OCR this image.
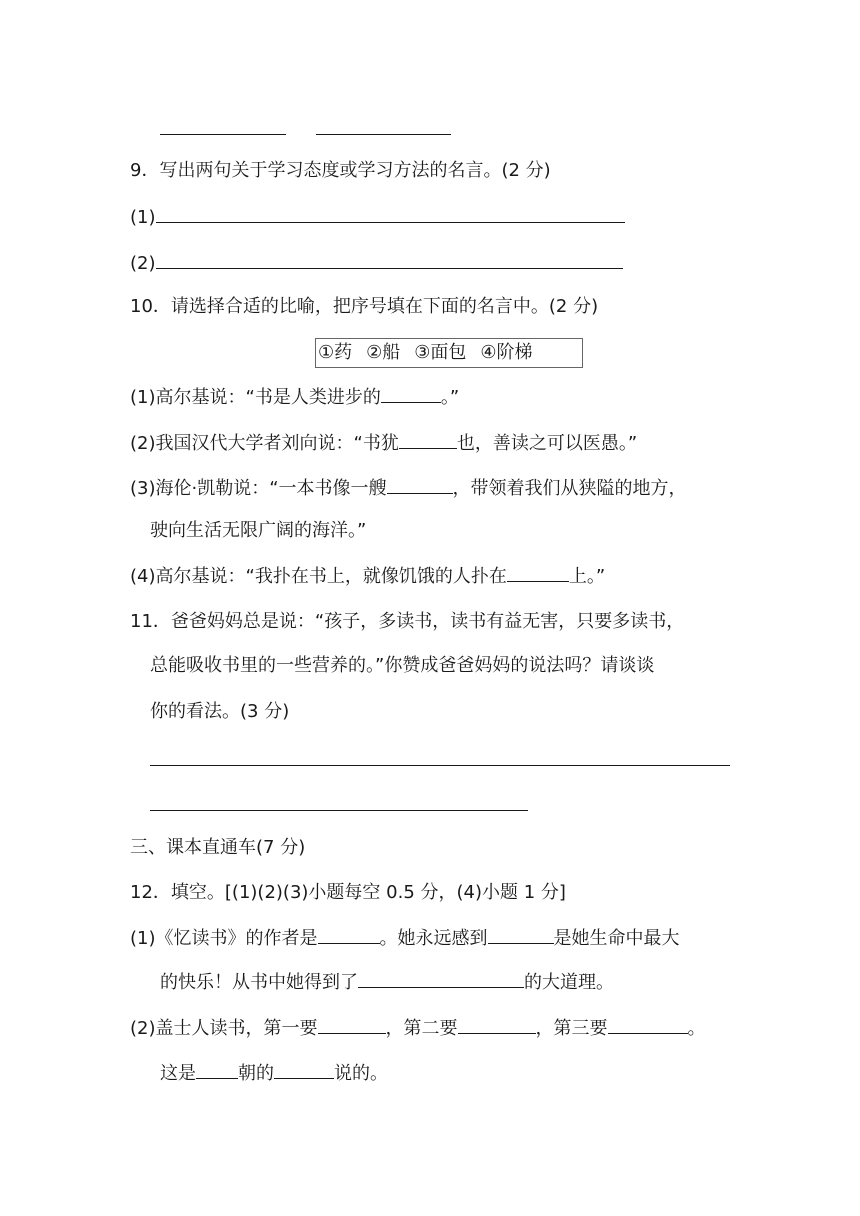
9．写出两句关于学习态度或学习方法的名言。(2 分)
(1)
(2)
10．请选择合适的比喻，把序号填在下面的名言中。(2 分)
①药 ②船 ③面包 ④阶梯
(1)高尔基说：“书是人类进步的	。”
(2)我国汉代大学者刘向说：“书犹	也，善读之可以医愚。”
(3)海伦·凯勒说：“一本书像一艘	，带领着我们从狭隘的地方，
驶向生活无限广阔的海洋。”
(4)高尔基说：“我扑在书上，就像饥饿的人扑在	上。”
11．爸爸妈妈总是说：“孩子，多读书，读书有益无害，只要多读书，
总能吸收书里的一些营养的。”你赞成爸爸妈妈的说法吗？请谈谈
你的看法。(3 分)
三、课本直通车(7 分)
12．填空。[(1)(2)(3)小题每空 0.5 分，(4)小题 1 分]
(1)《忆读书》的作者是	。她永远感到	是她生命中最大
的快乐！从书中她得到了	的大道理。
(2)盖士人读书，第一要	，第二要	，第三要	。
这是 朝的	说的。
